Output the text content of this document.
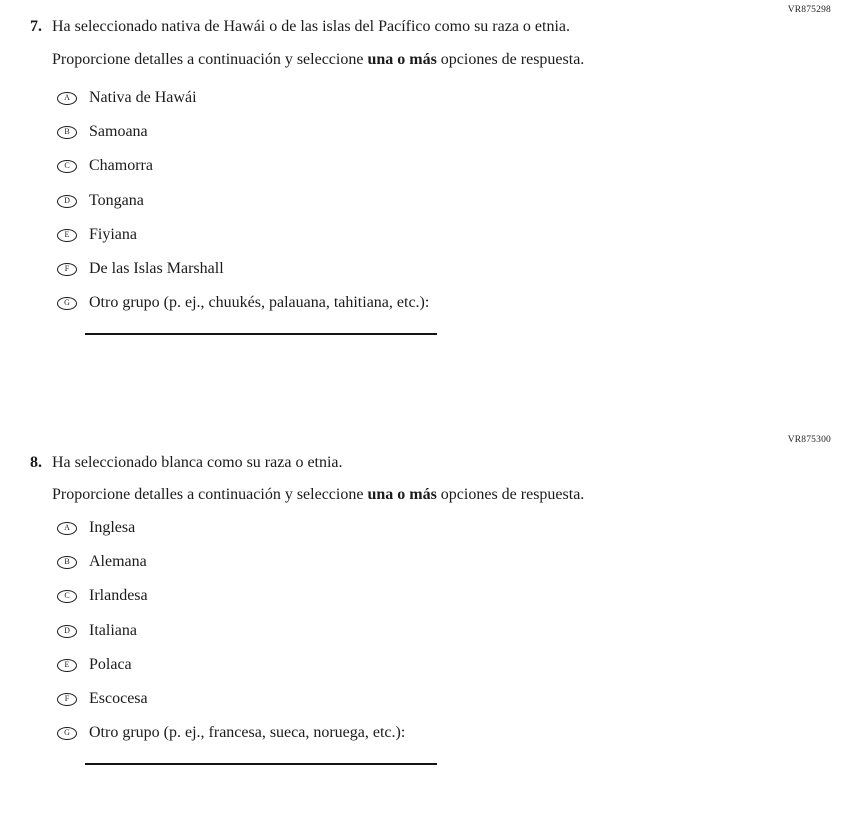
VR875298
7. Ha seleccionado nativa de Hawái o de las islas del Pacífico como su raza o etnia.
Proporcione detalles a continuación y seleccione una o más opciones de respuesta.
A	Nativa de Hawái
B	Samoana
C	Chamorra
D	Tongana
E	Fiyiana
F	De las Islas Marshall
G	Otro grupo (p. ej., chuukés, palauana, tahitiana, etc.):
VR875300
8. Ha seleccionado blanca como su raza o etnia.
Proporcione detalles a continuación y seleccione una o más opciones de respuesta.
A	Inglesa
B	Alemana
C	Irlandesa
D	Italiana
E	Polaca
F	Escocesa
G	Otro grupo (p. ej., francesa, sueca, noruega, etc.):
